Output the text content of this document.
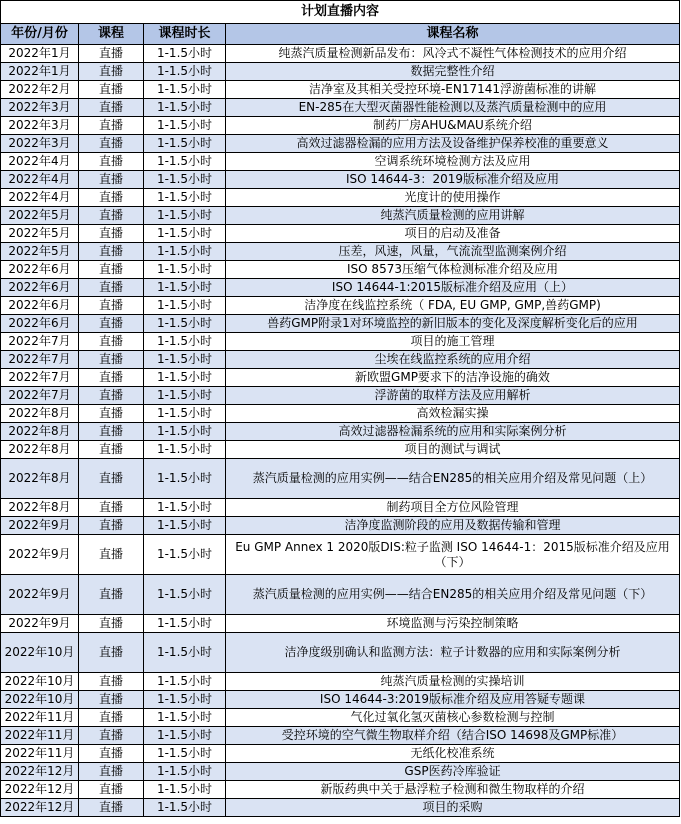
计划直播内容
年份/月份	课程	课程时长	课程名称
2022年1月	直播	1-1.5小时	纯蒸汽质量检测新品发布：风冷式不凝性气体检测技术的应用介绍
2022年1月	直播	1-1.5小时	数据完整性介绍
2022年2月	直播	1-1.5小时	洁净室及其相关受控环境-EN17141浮游菌标准的讲解
2022年3月	直播	1-1.5小时	EN-285在大型灭菌器性能检测以及蒸汽质量检测中的应用
2022年3月	直播	1-1.5小时	制药厂房AHU&MAU系统介绍
2022年3月	直播	1-1.5小时	高效过滤器检漏的应用方法及设备维护保养校准的重要意义
2022年4月	直播	1-1.5小时	空调系统环境检测方法及应用
2022年4月	直播	1-1.5小时	ISO 14644-3：2019版标准介绍及应用
2022年4月	直播	1-1.5小时	光度计的使用操作
2022年5月	直播	1-1.5小时	纯蒸汽质量检测的应用讲解
2022年5月	直播	1-1.5小时	项目的启动及准备
2022年5月	直播	1-1.5小时	压差，风速，风量，气流流型监测案例介绍
2022年6月	直播	1-1.5小时	ISO 8573压缩气体检测标准介绍及应用
2022年6月	直播	1-1.5小时	ISO 14644-1:2015版标准介绍及应用（上）
2022年6月	直播	1-1.5小时	洁净度在线监控系统（ FDA, EU GMP, GMP,兽药GMP)
2022年6月	直播	1-1.5小时	兽药GMP附录1对环境监控的新旧版本的变化及深度解析变化后的应用
2022年7月	直播	1-1.5小时	项目的施工管理
2022年7月	直播	1-1.5小时	尘埃在线监控系统的应用介绍
2022年7月	直播	1-1.5小时	新欧盟GMP要求下的洁净设施的确效
2022年7月	直播	1-1.5小时	浮游菌的取样方法及应用解析
2022年8月	直播	1-1.5小时	高效检漏实操
2022年8月	直播	1-1.5小时	高效过滤器检漏系统的应用和实际案例分析
2022年8月	直播	1-1.5小时	项目的测试与调试
2022年8月	直播	1-1.5小时	蒸汽质量检测的应用实例——结合EN285的相关应用介绍及常见问题（上）
2022年8月	直播	1-1.5小时	制药项目全方位风险管理
2022年9月	直播	1-1.5小时	洁净度监测阶段的应用及数据传输和管理
2022年9月	直播	1-1.5小时	Eu GMP Annex 1 2020版DIS:粒子监测 ISO 14644-1：2015版标准介绍及应用（下）
2022年9月	直播	1-1.5小时	蒸汽质量检测的应用实例——结合EN285的相关应用介绍及常见问题（下）
2022年9月	直播	1-1.5小时	环境监测与污染控制策略
2022年10月	直播	1-1.5小时	洁净度级别确认和监测方法：粒子计数器的应用和实际案例分析
2022年10月	直播	1-1.5小时	纯蒸汽质量检测的实操培训
2022年10月	直播	1-1.5小时	ISO 14644-3:2019版标准介绍及应用答疑专题课
2022年11月	直播	1-1.5小时	气化过氧化氢灭菌核心参数检测与控制
2022年11月	直播	1-1.5小时	受控环境的空气微生物取样介绍（结合ISO 14698及GMP标准）
2022年11月	直播	1-1.5小时	无纸化校准系统
2022年12月	直播	1-1.5小时	GSP医药冷库验证
2022年12月	直播	1-1.5小时	新版药典中关于悬浮粒子检测和微生物取样的介绍
2022年12月	直播	1-1.5小时	项目的采购
